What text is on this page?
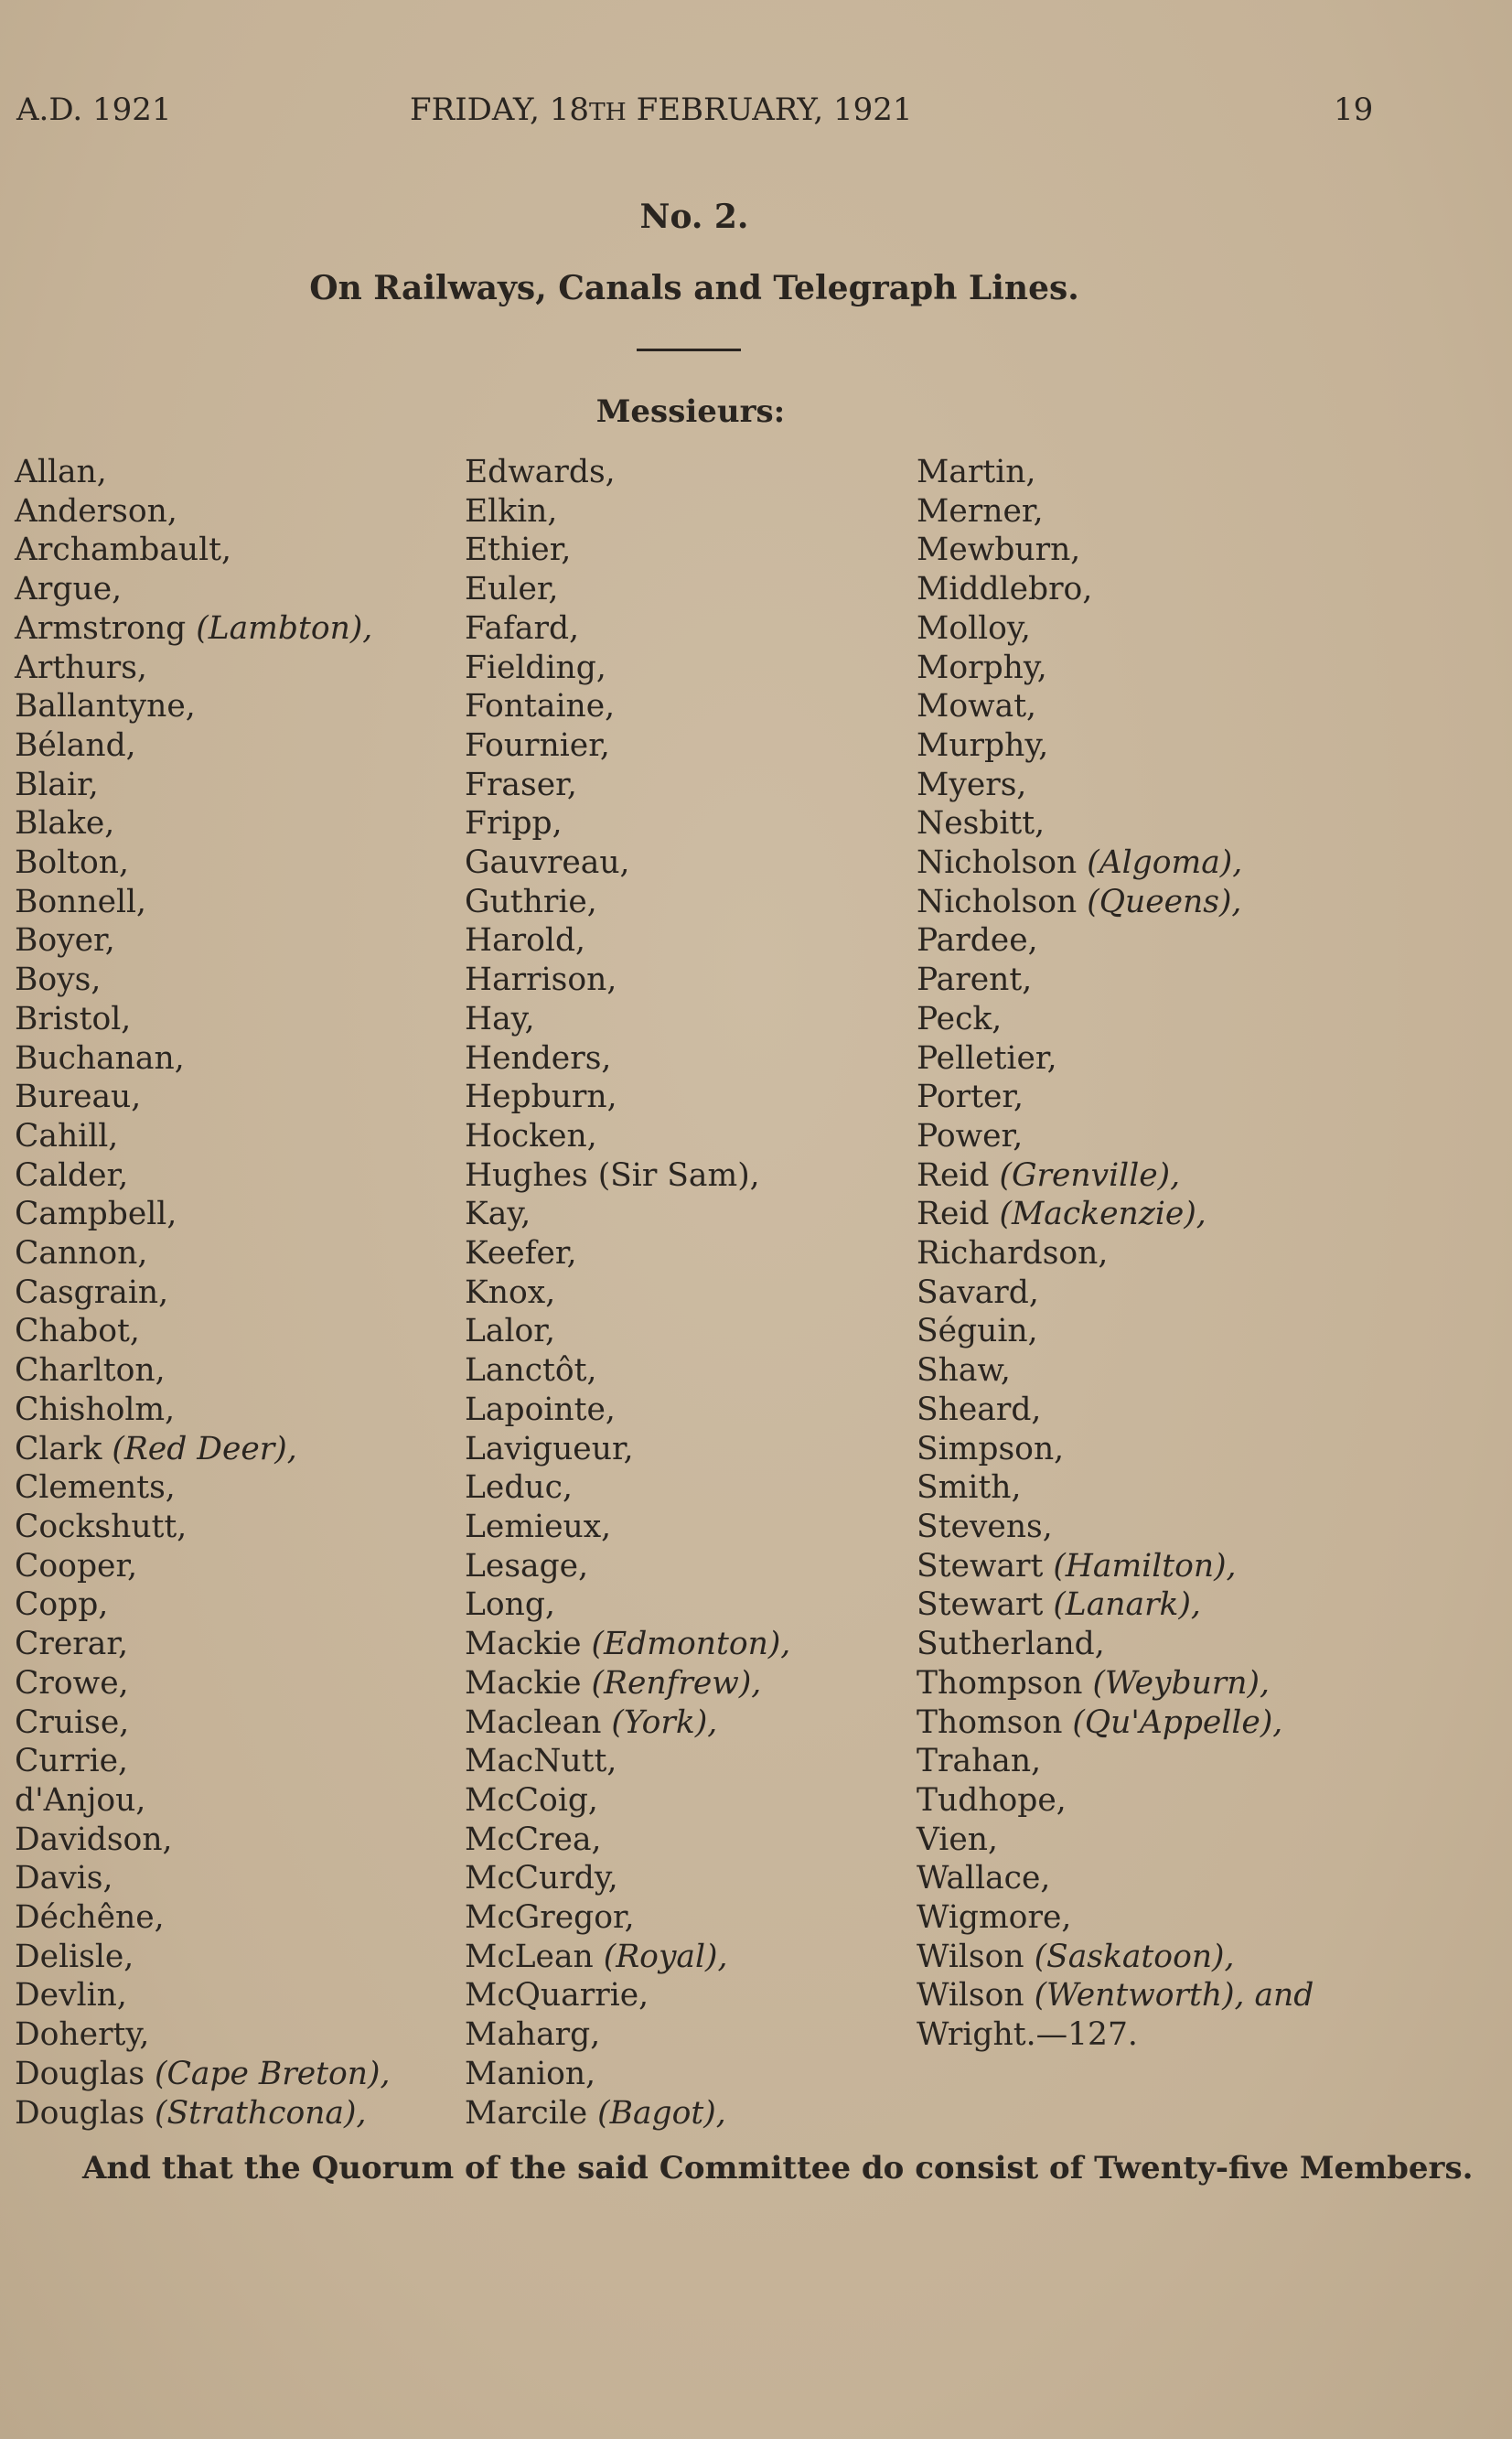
A.D. 1921	FRIDAY, 18TH FEBRUARY, 1921	19
No. 2.
On Railways, Canals and Telegraph Lines.
Messieurs:
Allan,
Anderson,
Archambault,
Argue,
Armstrong (Lambton),
Arthurs,
Ballantyne,
Béland,
Blair,
Blake,
Bolton,
Bonnell,
Boyer,
Boys,
Bristol,
Buchanan,
Bureau,
Cahill,
Calder,
Campbell,
Cannon,
Casgrain,
Chabot,
Charlton,
Chisholm,
Clark (Red Deer),
Clements,
Cockshutt,
Cooper,
Copp,
Crerar,
Crowe,
Cruise,
Currie,
d'Anjou,
Davidson,
Davis,
Déchêne,
Delisle,
Devlin,
Doherty,
Douglas (Cape Breton),
Douglas (Strathcona),
Edwards,
Elkin,
Ethier,
Euler,
Fafard,
Fielding,
Fontaine,
Fournier,
Fraser,
Fripp,
Gauvreau,
Guthrie,
Harold,
Harrison,
Hay,
Henders,
Hepburn,
Hocken,
Hughes (Sir Sam),
Kay,
Keefer,
Knox,
Lalor,
Lanctôt,
Lapointe,
Lavigueur,
Leduc,
Lemieux,
Lesage,
Long,
Mackie (Edmonton),
Mackie (Renfrew),
Maclean (York),
MacNutt,
McCoig,
McCrea,
McCurdy,
McGregor,
McLean (Royal),
McQuarrie,
Maharg,
Manion,
Marcile (Bagot),
Martin,
Merner,
Mewburn,
Middlebro,
Molloy,
Morphy,
Mowat,
Murphy,
Myers,
Nesbitt,
Nicholson (Algoma),
Nicholson (Queens),
Pardee,
Parent,
Peck,
Pelletier,
Porter,
Power,
Reid (Grenville),
Reid (Mackenzie),
Richardson,
Savard,
Séguin,
Shaw,
Sheard,
Simpson,
Smith,
Stevens,
Stewart (Hamilton),
Stewart (Lanark),
Sutherland,
Thompson (Weyburn),
Thomson (Qu'Appelle),
Trahan,
Tudhope,
Vien,
Wallace,
Wigmore,
Wilson (Saskatoon),
Wilson (Wentworth), and
Wright.—127.
And that the Quorum of the said Committee do consist of Twenty-five Members.
